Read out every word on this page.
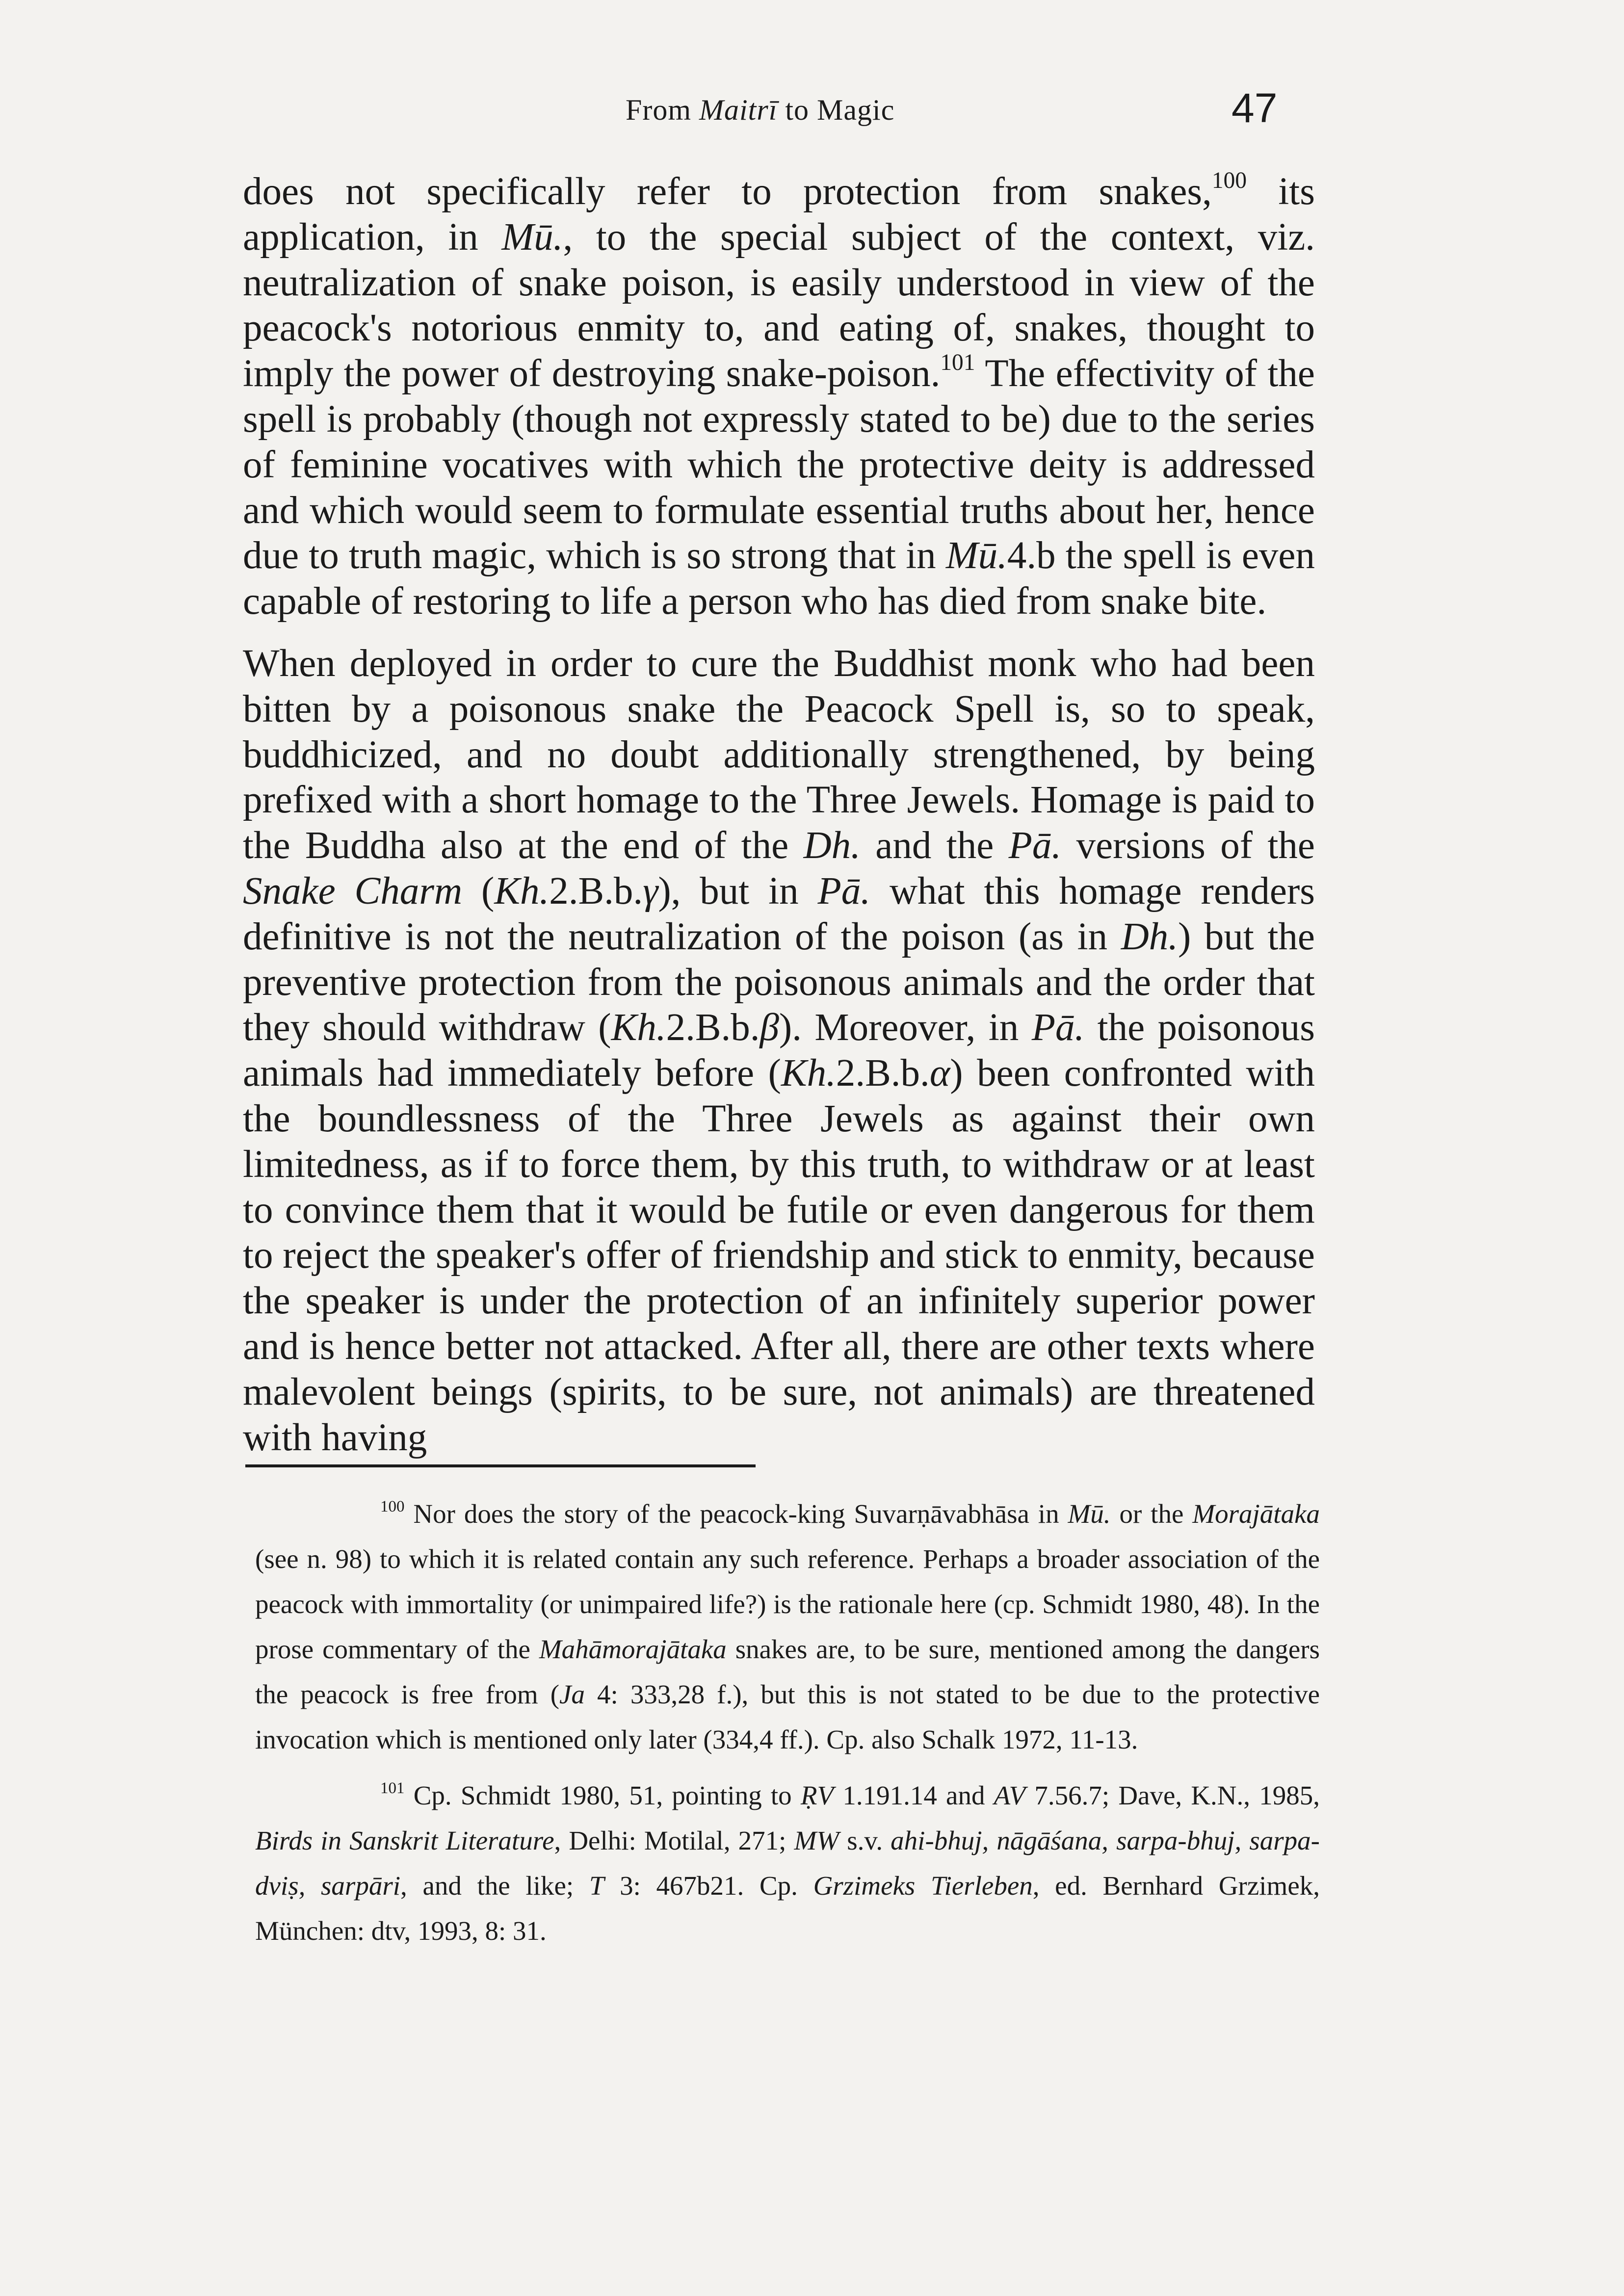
From Maitrī to Magic	47

does not specifically refer to protection from snakes,$^{100}$ its application, in Mū., to the special subject of the context, viz. neutralization of snake poison, is easily understood in view of the peacock's notorious enmity to, and eating of, snakes, thought to imply the power of destroying snake-poison.$^{101}$ The effectivity of the spell is probably (though not expressly stated to be) due to the series of feminine vocatives with which the protective deity is addressed and which would seem to formulate essential truths about her, hence due to truth magic, which is so strong that in Mū.4.b the spell is even capable of restoring to life a person who has died from snake bite.

When deployed in order to cure the Buddhist monk who had been bitten by a poisonous snake the Peacock Spell is, so to speak, buddhicized, and no doubt additionally strengthened, by being prefixed with a short homage to the Three Jewels. Homage is paid to the Buddha also at the end of the Dh. and the Pā. versions of the Snake Charm (Kh.2.B.b.γ), but in Pā. what this homage renders definitive is not the neutralization of the poison (as in Dh.) but the preventive protection from the poisonous animals and the order that they should withdraw (Kh.2.B.b.β). Moreover, in Pā. the poisonous animals had immediately before (Kh.2.B.b.α) been confronted with the boundlessness of the Three Jewels as against their own limitedness, as if to force them, by this truth, to withdraw or at least to convince them that it would be futile or even dangerous for them to reject the speaker's offer of friendship and stick to enmity, because the speaker is under the protection of an infinitely superior power and is hence better not attacked. After all, there are other texts where malevolent beings (spirits, to be sure, not animals) are threatened with having

$^{100}$ Nor does the story of the peacock-king Suvarṇāvabhāsa in Mū. or the Morajātaka (see n. 98) to which it is related contain any such reference. Perhaps a broader association of the peacock with immortality (or unimpaired life?) is the rationale here (cp. Schmidt 1980, 48). In the prose commentary of the Mahāmorajātaka snakes are, to be sure, mentioned among the dangers the peacock is free from (Ja 4: 333,28 f.), but this is not stated to be due to the protective invocation which is mentioned only later (334,4 ff.). Cp. also Schalk 1972, 11-13.

$^{101}$ Cp. Schmidt 1980, 51, pointing to ṚV 1.191.14 and AV 7.56.7; Dave, K.N., 1985, Birds in Sanskrit Literature, Delhi: Motilal, 271; MW s.v. ahi-bhuj, nāgāśana, sarpa-bhuj, sarpa-dviṣ, sarpāri, and the like; T 3: 467b21. Cp. Grzimeks Tierleben, ed. Bernhard Grzimek, München: dtv, 1993, 8: 31.
